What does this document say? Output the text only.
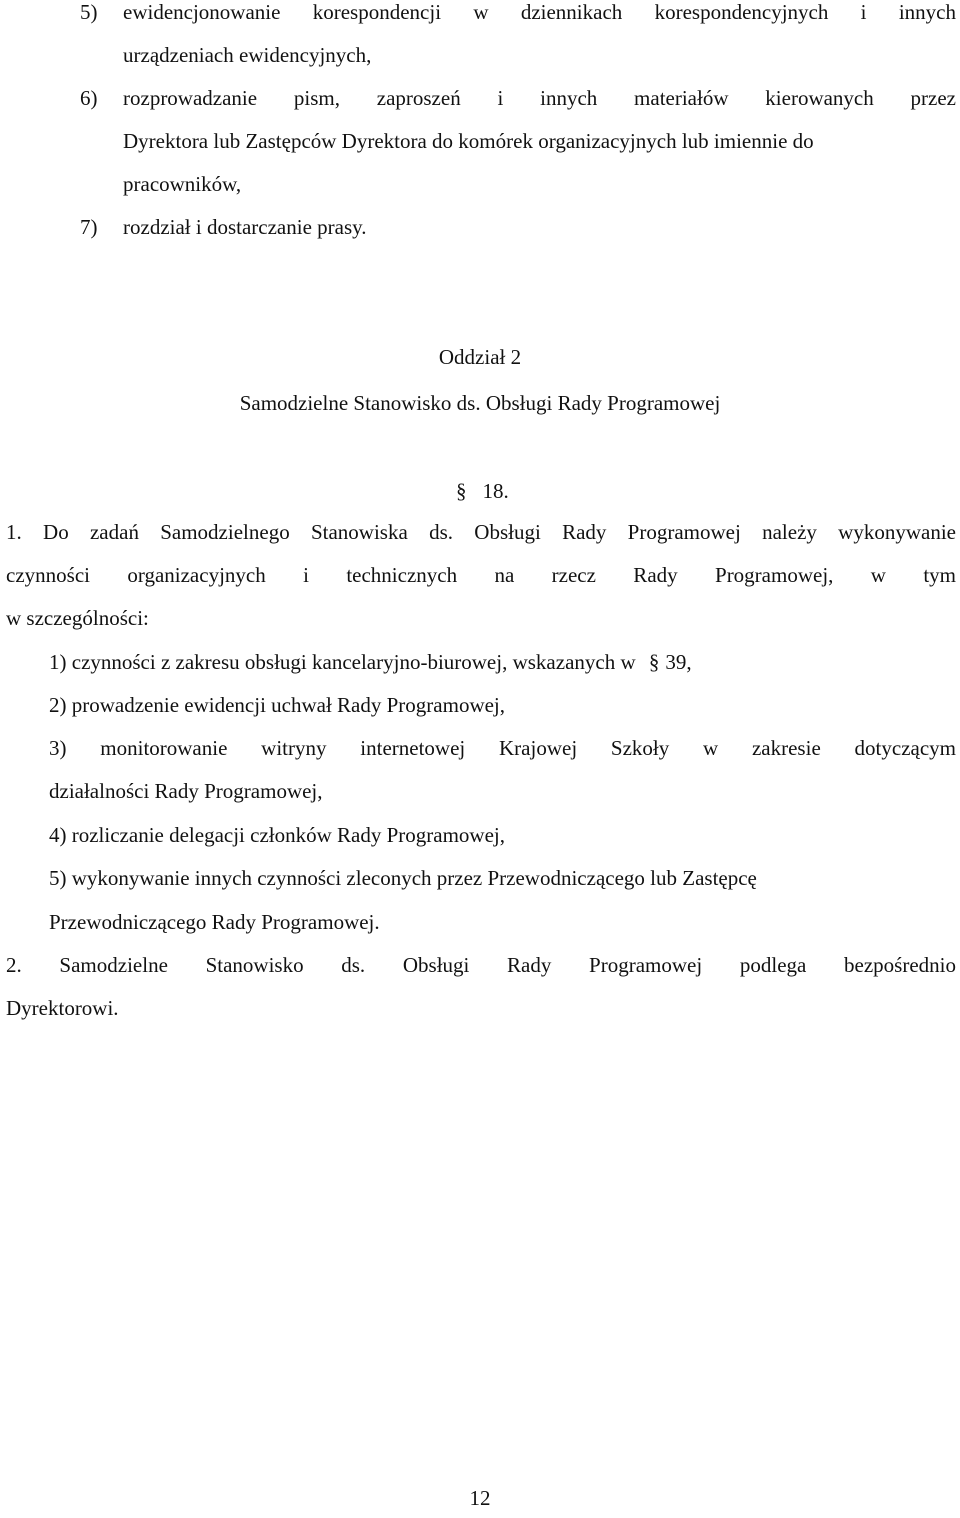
5) ewidencjonowanie korespondencji w dziennikach korespondencyjnych i innych
urządzeniach ewidencyjnych,
6) rozprowadzanie pism, zaproszeń i innych materiałów kierowanych przez
Dyrektora lub Zastępców Dyrektora do komórek organizacyjnych lub imiennie do
pracowników,
7) rozdział i dostarczanie prasy.
Oddział 2
Samodzielne Stanowisko ds. Obsługi Rady Programowej
§ 18.
1. Do zadań Samodzielnego Stanowiska ds. Obsługi Rady Programowej należy wykonywanie
czynności organizacyjnych i technicznych na rzecz Rady Programowej, w tym
w szczególności:
1) czynności z zakresu obsługi kancelaryjno-biurowej, wskazanych w § 39,
2) prowadzenie ewidencji uchwał Rady Programowej,
3) monitorowanie witryny internetowej Krajowej Szkoły w zakresie dotyczącym
działalności Rady Programowej,
4) rozliczanie delegacji członków Rady Programowej,
5) wykonywanie innych czynności zleconych przez Przewodniczącego lub Zastępcę
Przewodniczącego Rady Programowej.
2. Samodzielne Stanowisko ds. Obsługi Rady Programowej podlega bezpośrednio
Dyrektorowi.
12
